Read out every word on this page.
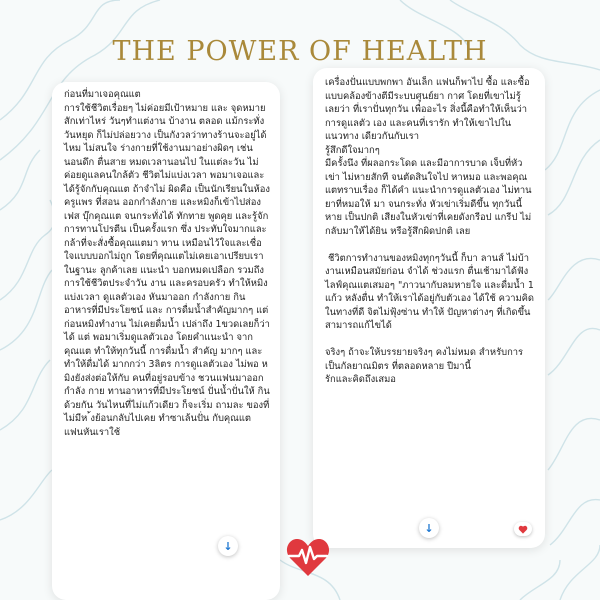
THE POWER OF HEALTH
ก่อนที่มาเจอคุณแต
การใช้ชีวิตเรื่อยๆ ไม่ค่อยมีเป้าหมาย และ จุดหมายสักเท่าไหร่ วันๆทำแต่งาน บ้างาน ตลอด แม้กระทั่ง วันหยุด ก็ไม่ปล่อยวาง เป็นกังวลว่าทางร้านจะอยู่ได้ไหม ไม่สนใจ ร่างกายที่ใช้งานมาอย่างผิดๆ เช่น นอนดึก ตื่นสาย หมดเวลานอนไป ในแต่ละวัน ไม่ ค่อยดูแลคนใกล้ตัว ชีวิตไม่แบ่งเวลา พอมาเจอและได้รู้จักกับคุณแต ถ้าจำไม่ ผิดคือ เป็นนักเรียนในห้อง ครูแพร ที่สอน ออกกำลังกาย และหมิงก็เข้าไปส่องเฟส บุ๊กคุณแต จนกระทั่งได้ ทักทาย พูดคุย และรู้จักการทานโปรตีน เป็นครั้งแรก ซึ่ง ประทับใจมากและกล้าที่จะสั่งซื้อคุณแตมา ทาน เหมือนไว้ใจและเชื่อใจแบบบอกไม่ถูก โดยที่คุณแตไม่เคยเอาเปรียบเราในฐานะ ลูกค้าเลย แนะนำ บอกหมดเปลือก รวมถึง การใช้ชีวิตประจำวัน งาน และครอบครัว ทำให้หมิงแบ่งเวลา ดูแลตัวเอง หันมาออก กำลังกาย กินอาหารที่มีประโยชน์ และ การดื่มน้ำสำคัญมากๆ แต่ก่อนหมิงทำงาน ไม่เคยดื่มน้ำ เปล่าถึง 1ขวดเลยก็ว่าได้ แต่ พอมาเริ่มดูแลตัวเอง โดยคำแนะนำ จาก คุณแต ทำให้ทุกวันนี้ การดื่มน้ำ สำคัญ มากๆ และทำให้ดื่มได้ มากกว่า 3ลิตร การดูแลตัวเอง ไม่พอ หมิงยังส่งต่อให้กับ คนที่อยู่รอบข้าง ชวนแฟนมาออกกำลัง กาย ทานอาหารที่มีประโยชน์ ปั่นน้ำปั่นให้ กินด้วยกัน วันไหนที่ไม่แก้วเดียว ก็จะเริ่ม ถามละ ของที่ไม่มีห ้งย้อนกลับไปเคย ทำซาเล้นปั่น กับคุณแต แฟนหันเราใช้
↓
เครื่องปั่นแบบพกพา อันเล็ก แฟนก็พาไป ซื้อ และซื้อแบบคล้องข้างตีมีระบบศูนย์ยา กาศ โดยที่เขาไม่รู้เลยว่า ที่เราปั่นทุกวัน เพื่ออะไร สิ่งนี้คือทำให้เห็นว่า การดูแลตัว เอง และคนที่เรารัก ทำให้เขาไปในแนวทาง เดียวกันกับเรา
รู้สึกดีใจมากๆ
มีครั้งนึง ที่ผลอกระโดด และมีอาการบาด เจ็บที่หัวเข่า ไม่หายสักที จนตัดสินใจไป หาหมอ และพอคุณแตทราบเรื่อง ก็ได้คำ แนะนำการดูแลตัวเอง ไม่ทานยาที่หมอให้ มา จนกระทั่ง หัวเข่าเริ่มดีขึ้น ทุกวันนี้หาย เป็นปกติ เสียงในหัวเข่าที่เคยดังกรีอป แกรีป ไม่กลับมาให้ได้ยิน หรือรู้สึกผิดปกติ เลย

ชีวิตการทำงานของหมิงทุกๆวันนี้ ก็บา ลานส์ ไม่บ้างานเหมือนสมัยก่อน จำได้ ช่วงแรก ตื่นเช้ามาได้ฟังไลฟ์คุณแตเสมอๆ "ภาวนากับลมหายใจ และดื่มน้ำ 1 แก้ว หลังตื่น ทำให้เราได้อยู่กับตัวเอง ได้ใช้ ความคิดในทางที่ดี จิตไม่ฟุ้งซ่าน ทำให้ ปัญหาต่างๆ ที่เกิดขึ้น สามารถแก้ไขได้

จริงๆ ถ้าจะให้บรรยายจริงๆ คงไม่หมด สำหรับการเป็นกัลยาณมิตร ที่ตลอดหลาย ปีมานี้
รักและคิดถึงเสมอ
↓
